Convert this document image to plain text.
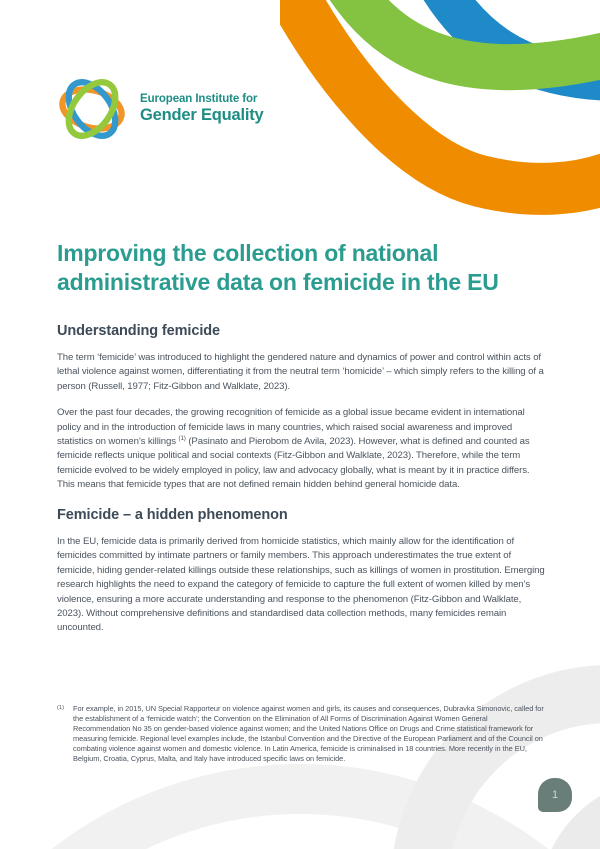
European Institute for
Gender Equality
Improving the collection of national administrative data on femicide in the EU
Understanding femicide

The term ‘femicide’ was introduced to highlight the gendered nature and dynamics of power and control within acts of lethal violence against women, differentiating it from the neutral term ‘homicide’ – which simply refers to the killing of a person (Russell, 1977; Fitz-Gibbon and Walklate, 2023).

Over the past four decades, the growing recognition of femicide as a global issue became evident in international policy and in the introduction of femicide laws in many countries, which raised social awareness and improved statistics on women’s killings $^{(1)}$ (Pasinato and Pierobom de Avila, 2023). However, what is defined and counted as femicide reflects unique political and social contexts (Fitz-Gibbon and Walklate, 2023). Therefore, while the term femicide evolved to be widely employed in policy, law and advocacy globally, what is meant by it in practice differs. This means that femicide types that are not defined remain hidden behind general homicide data.

Femicide – a hidden phenomenon

In the EU, femicide data is primarily derived from homicide statistics, which mainly allow for the identification of femicides committed by intimate partners or family members. This approach underestimates the true extent of femicide, hiding gender-related killings outside these relationships, such as killings of women in prostitution. Emerging research highlights the need to expand the category of femicide to capture the full extent of women killed by men’s violence, ensuring a more accurate understanding and response to the phenomenon (Fitz-Gibbon and Walklate, 2023). Without comprehensive definitions and standardised data collection methods, many femicides remain uncounted.

(1)	For example, in 2015, UN Special Rapporteur on violence against women and girls, its causes and consequences, Dubravka Simonovic, called for the establishment of a ‘femicide watch’; the Convention on the Elimination of All Forms of Discrimination Against Women General Recommendation No 35 on gender-based violence against women; and the United Nations Office on Drugs and Crime statistical framework for measuring femicide. Regional level examples include, the Istanbul Convention and the Directive of the European Parliament and of the Council on combating violence against women and domestic violence. In Latin America, femicide is criminalised in 18 countries. More recently in the EU, Belgium, Croatia, Cyprus, Malta, and Italy have introduced specific laws on femicide.
1
